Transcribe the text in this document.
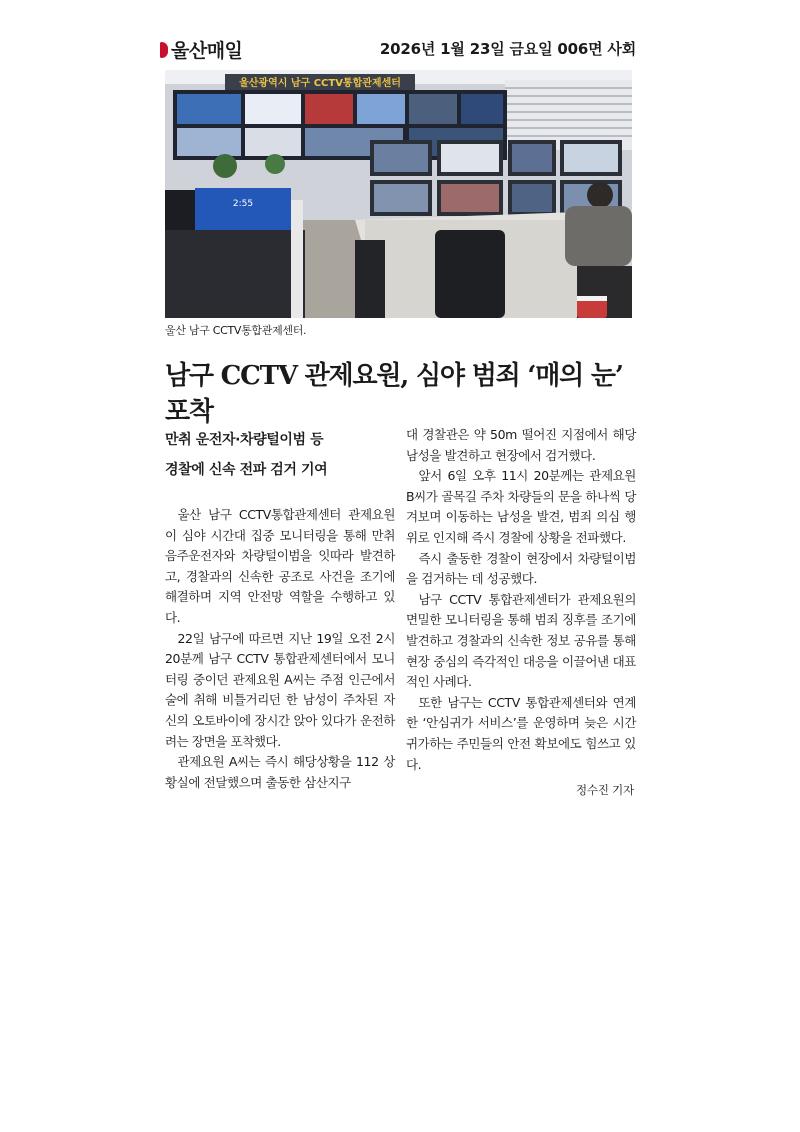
울산매일	2026년 1월 23일 금요일 006면 사회
울산광역시 남구 CCTV통합관제센터
2:55
울산 남구 CCTV통합관제센터.
남구 CCTV 관제요원, 심야 범죄 ‘매의 눈’ 포착
만취 운전자·차량털이범 등
경찰에 신속 전파 검거 기여

울산 남구 CCTV통합관제센터 관제요원이 심야 시간대 집중 모니터링을 통해 만취 음주운전자와 차량털이범을 잇따라 발견하고, 경찰과의 신속한 공조로 사건을 조기에 해결하며 지역 안전망 역할을 수행하고 있다.

22일 남구에 따르면 지난 19일 오전 2시 20분께 남구 CCTV 통합관제센터에서 모니터링 중이던 관제요원 A씨는 주점 인근에서 술에 취해 비틀거리던 한 남성이 주차된 자신의 오토바이에 장시간 앉아 있다가 운전하려는 장면을 포착했다.

관제요원 A씨는 즉시 해당상황을 112 상황실에 전달했으며 출동한 삼산지구

대 경찰관은 약 50m 떨어진 지점에서 해당 남성을 발견하고 현장에서 검거했다.

앞서 6일 오후 11시 20분께는 관제요원 B씨가 골목길 주차 차량들의 문을 하나씩 당겨보며 이동하는 남성을 발견, 범죄 의심 행위로 인지해 즉시 경찰에 상황을 전파했다.

즉시 출동한 경찰이 현장에서 차량털이범을 검거하는 데 성공했다.

남구 CCTV 통합관제센터가 관제요원의 면밀한 모니터링을 통해 범죄 징후를 조기에 발견하고 경찰과의 신속한 정보 공유를 통해 현장 중심의 즉각적인 대응을 이끌어낸 대표적인 사례다.

또한 남구는 CCTV 통합관제센터와 연계한 ‘안심귀가 서비스’를 운영하며 늦은 시간 귀가하는 주민들의 안전 확보에도 힘쓰고 있다.

정수진 기자
